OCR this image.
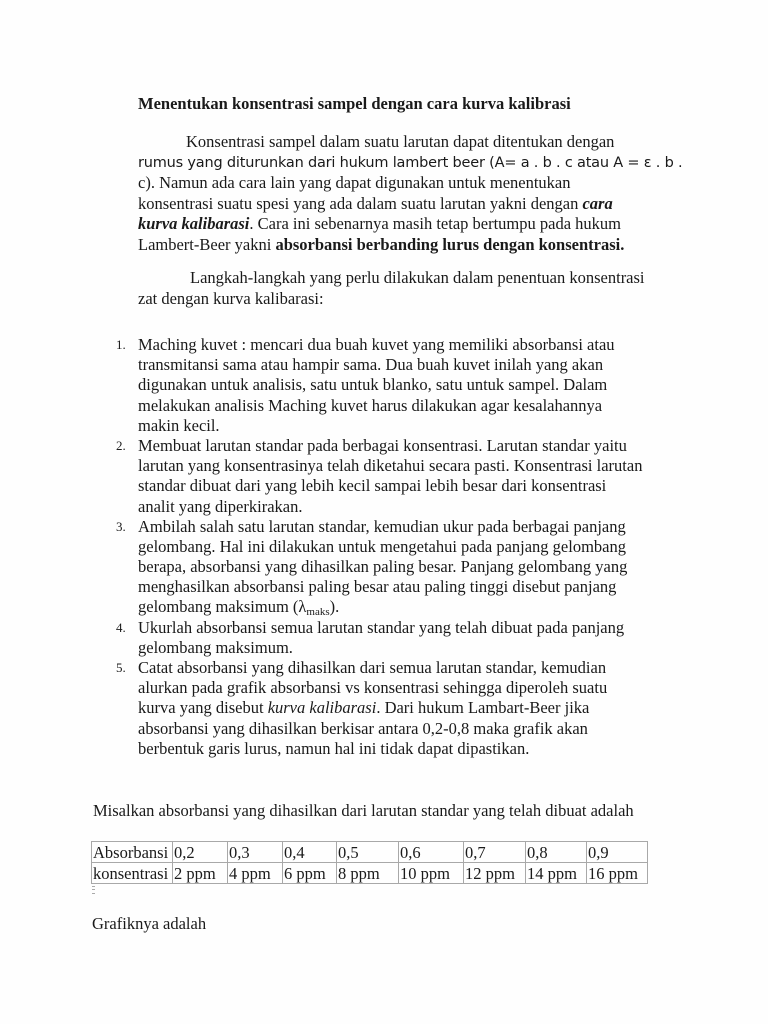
Menentukan konsentrasi sampel dengan cara kurva kalibrasi
Konsentrasi sampel dalam suatu larutan dapat ditentukan dengan
rumus yang diturunkan dari hukum lambert beer (A= a . b . c atau A = ε . b .
c). Namun ada cara lain yang dapat digunakan untuk menentukan
konsentrasi suatu spesi yang ada dalam suatu larutan yakni dengan cara
kurva kalibarasi. Cara ini sebenarnya masih tetap bertumpu pada hukum
Lambert-Beer yakni absorbansi berbanding lurus dengan konsentrasi.
Langkah-langkah yang perlu dilakukan dalam penentuan konsentrasi
zat dengan kurva kalibarasi:
1. Maching kuvet : mencari dua buah kuvet yang memiliki absorbansi atau
transmitansi sama atau hampir sama. Dua buah kuvet inilah yang akan
digunakan untuk analisis, satu untuk blanko, satu untuk sampel. Dalam
melakukan analisis Maching kuvet harus dilakukan agar kesalahannya
makin kecil.
2. Membuat larutan standar pada berbagai konsentrasi. Larutan standar yaitu
larutan yang konsentrasinya telah diketahui secara pasti. Konsentrasi larutan
standar dibuat dari yang lebih kecil sampai lebih besar dari konsentrasi
analit yang diperkirakan.
3. Ambilah salah satu larutan standar, kemudian ukur pada berbagai panjang
gelombang. Hal ini dilakukan untuk mengetahui pada panjang gelombang
berapa, absorbansi yang dihasilkan paling besar. Panjang gelombang yang
menghasilkan absorbansi paling besar atau paling tinggi disebut panjang
gelombang maksimum $(\lambda_{maks})$.
4. Ukurlah absorbansi semua larutan standar yang telah dibuat pada panjang
gelombang maksimum.
5. Catat absorbansi yang dihasilkan dari semua larutan standar, kemudian
alurkan pada grafik absorbansi vs konsentrasi sehingga diperoleh suatu
kurva yang disebut kurva kalibarasi. Dari hukum Lambart-Beer jika
absorbansi yang dihasilkan berkisar antara 0,2-0,8 maka grafik akan
berbentuk garis lurus, namun hal ini tidak dapat dipastikan.
Misalkan absorbansi yang dihasilkan dari larutan standar yang telah dibuat adalah
Absorbansi	0,2	0,3	0,4	0,5	0,6	0,7	0,8	0,9
konsentrasi	2 ppm	4 ppm	6 ppm	8 ppm	10 ppm	12 ppm	14 ppm	16 ppm
Grafiknya adalah
